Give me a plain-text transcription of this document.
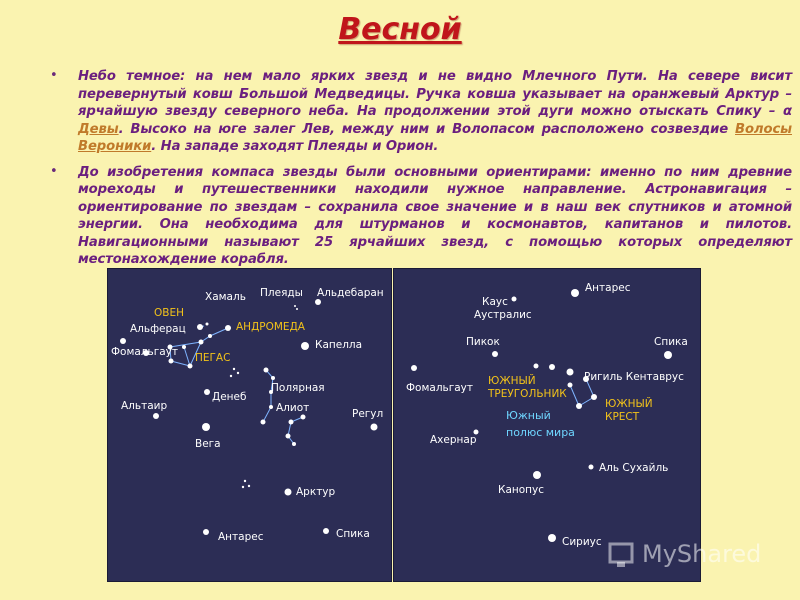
Весной
• Небо темное: на нем мало ярких звезд и не видно Млечного Пути. На севере висит перевернутый ковш Большой Медведицы. Ручка ковша указывает на оранжевый Арктур – ярчайшую звезду северного неба. На продолжении этой дуги можно отыскать Спику – α Девы. Высоко на юге залег Лев, между ним и Волопасом расположено созвездие Волосы Вероники. На западе заходят Плеяды и Орион.
• До изобретения компаса звезды были основными ориентирами: именно по ним древние мореходы и путешественники находили нужное направление. Астронавигация – ориентирование по звездам – сохранила свое значение и в наш век спутников и атомной энергии. Она необходима для штурманов и космонавтов, капитанов и пилотов. Навигационными называют 25 ярчайших звезд, с помощью которых определяют местонахождение корабля.
Хамаль Плеяды Альдебаран
ОВЕН
АНДРОМЕДА
Альферац
Фомальгаут ПЕГАС
Капелла
Полярная
Денеб
Альтаир	Алиот	Регул
Вега
Арктур
Антарес	Спика
Антарес
Каус
Аустралис
Пикок	Спика
Фомальгаут
ЮЖНЫЙ
ТРЕУГОЛЬНИК
Ригиль Кентаврус
ЮЖНЫЙ
КРЕСТ
Южный
полюс мира
Ахернар
Аль Сухайль
Канопус
Сириус MyShared
